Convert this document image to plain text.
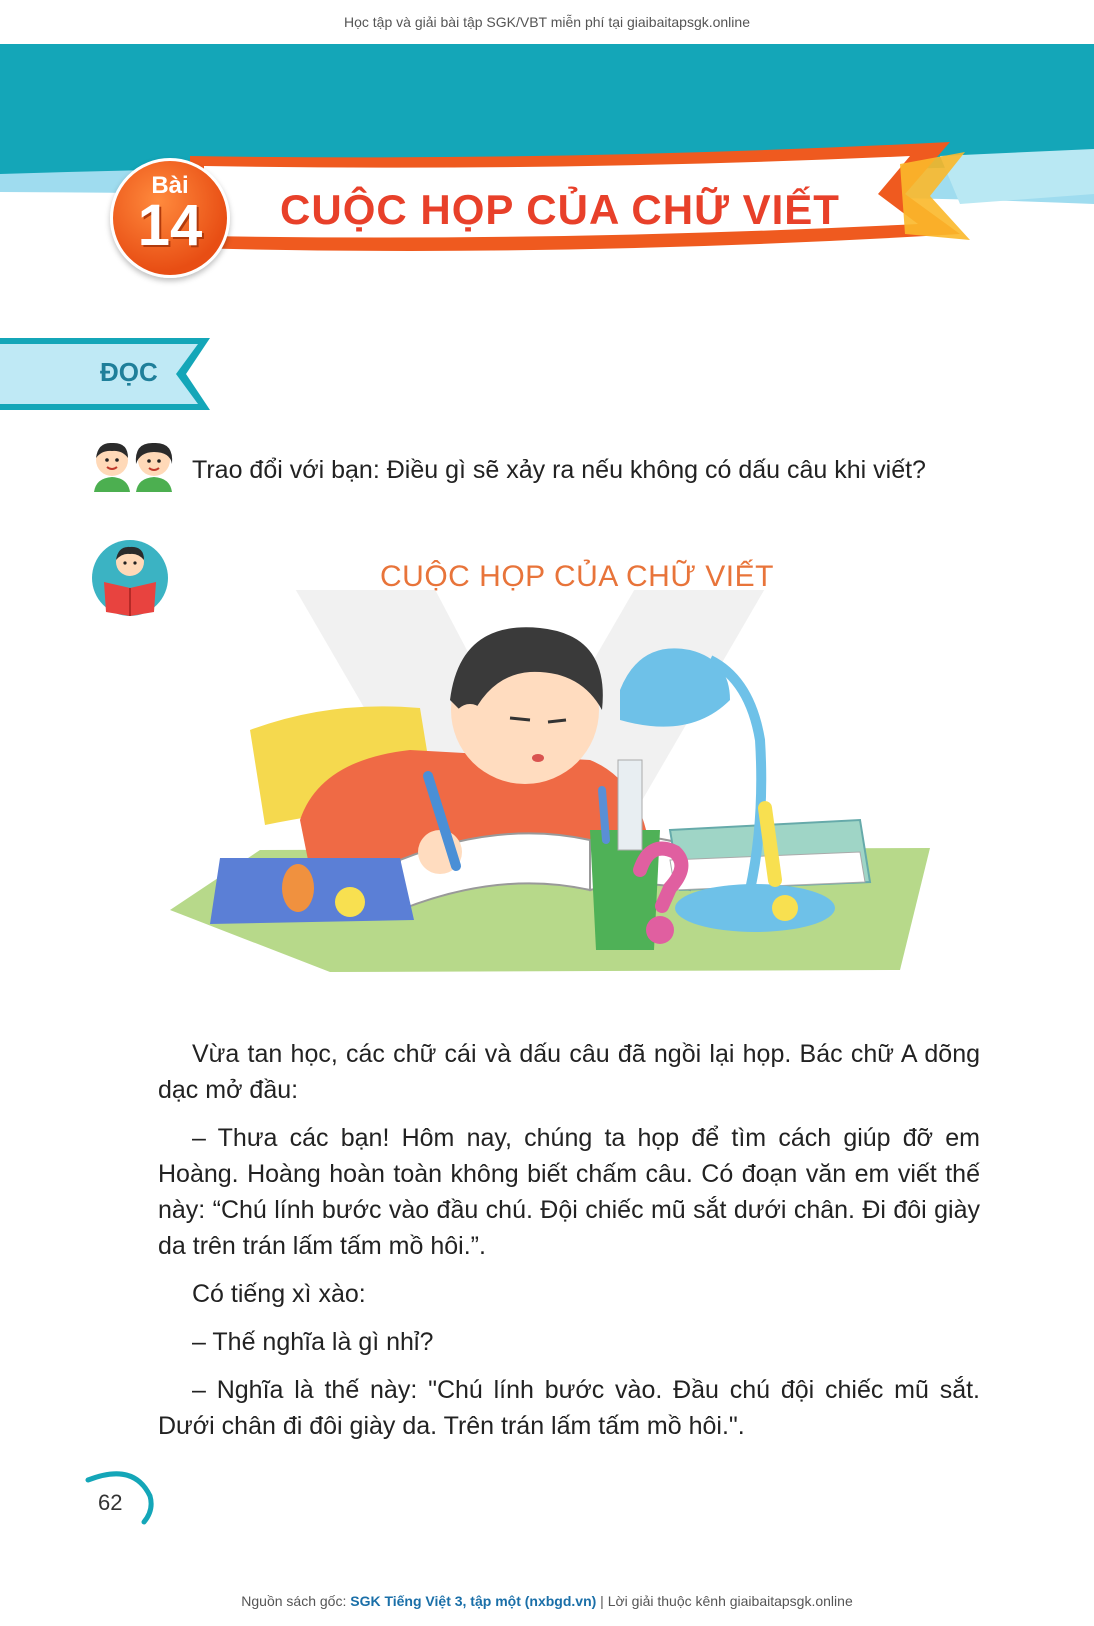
Học tập và giải bài tập SGK/VBT miễn phí tại giaibaitapsgk.online
Bài
14	CUỘC HỌP CỦA CHỮ VIẾT
ĐỌC
Trao đổi với bạn: Điều gì sẽ xảy ra nếu không có dấu câu khi viết?
CUỘC HỌP CỦA CHỮ VIẾT

Vừa tan học, các chữ cái và dấu câu đã ngồi lại họp. Bác chữ A dõng dạc mở đầu:

– Thưa các bạn! Hôm nay, chúng ta họp để tìm cách giúp đỡ em Hoàng. Hoàng hoàn toàn không biết chấm câu. Có đoạn văn em viết thế này: “Chú lính bước vào đầu chú. Đội chiếc mũ sắt dưới chân. Đi đôi giày da trên trán lấm tấm mồ hôi.”.

Có tiếng xì xào:

– Thế nghĩa là gì nhỉ?

– Nghĩa là thế này: "Chú lính bước vào. Đầu chú đội chiếc mũ sắt. Dưới chân đi đôi giày da. Trên trán lấm tấm mồ hôi.".

62
Nguồn sách gốc: SGK Tiếng Việt 3, tập một (nxbgd.vn) | Lời giải thuộc kênh giaibaitapsgk.online
